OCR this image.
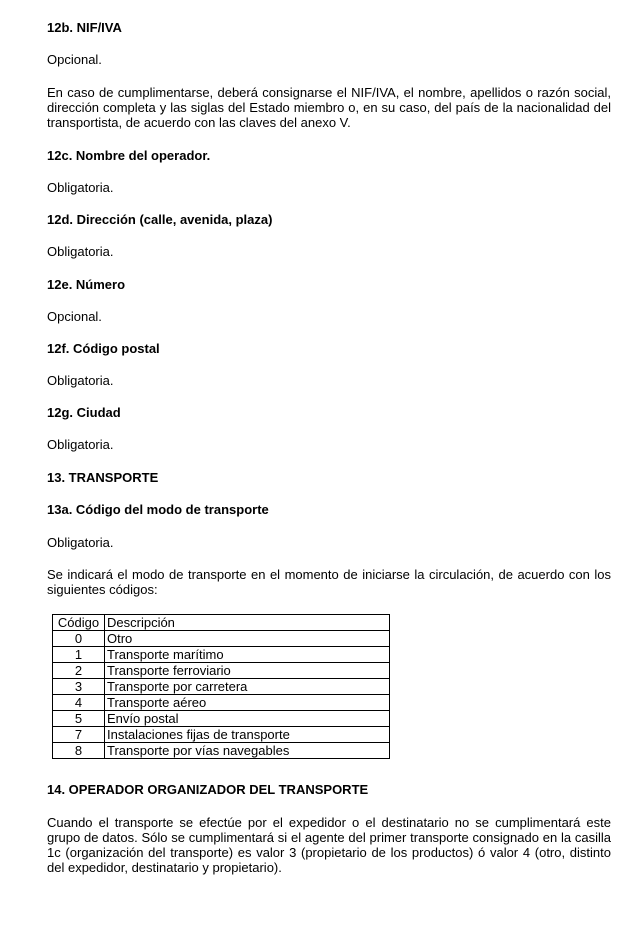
12b. NIF/IVA
Opcional.
En caso de cumplimentarse, deberá consignarse el NIF/IVA, el nombre, apellidos o razón social, dirección completa y las siglas del Estado miembro o, en su caso, del país de la nacionalidad del transportista, de acuerdo con las claves del anexo V.
12c. Nombre del operador.
Obligatoria.
12d. Dirección (calle, avenida, plaza)
Obligatoria.
12e. Número
Opcional.
12f. Código postal
Obligatoria.
12g. Ciudad
Obligatoria.
13. TRANSPORTE
13a. Código del modo de transporte
Obligatoria.
Se indicará el modo de transporte en el momento de iniciarse la circulación, de acuerdo con los siguientes códigos:
Código	Descripción
0	Otro
1	Transporte marítimo
2	Transporte ferroviario
3	Transporte por carretera
4	Transporte aéreo
5	Envío postal
7	Instalaciones fijas de transporte
8	Transporte por vías navegables
14. OPERADOR ORGANIZADOR DEL TRANSPORTE
Cuando el transporte se efectúe por el expedidor o el destinatario no se cumplimentará este grupo de datos. Sólo se cumplimentará si el agente del primer transporte consignado en la casilla 1c (organización del transporte) es valor 3 (propietario de los productos) ó valor 4 (otro, distinto del expedidor, destinatario y propietario).
